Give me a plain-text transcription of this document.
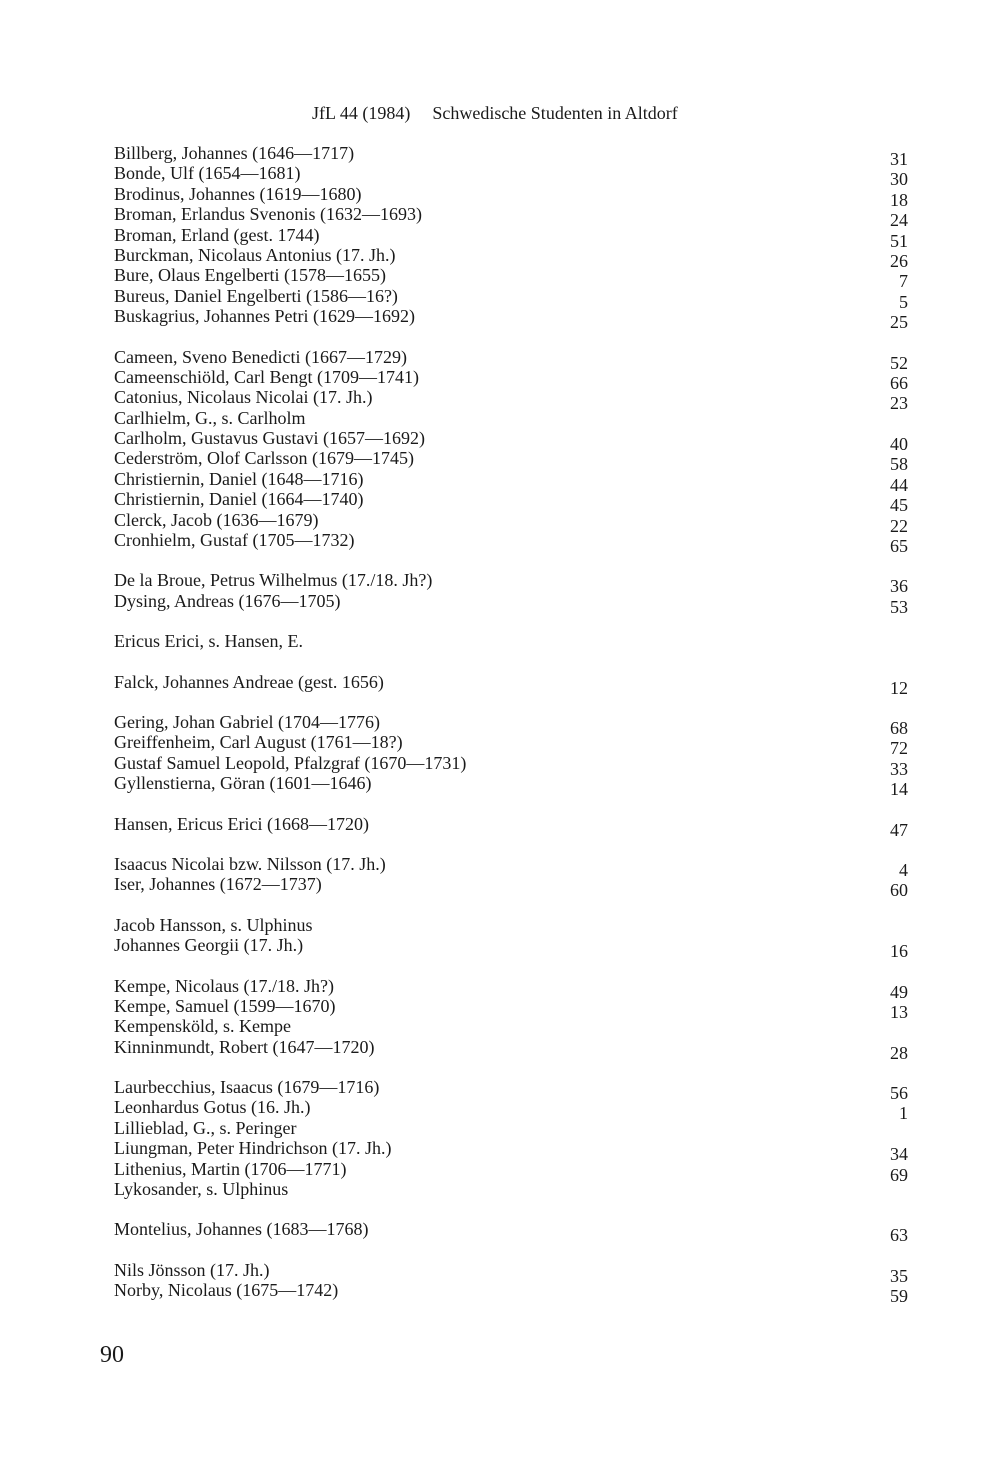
JfL 44 (1984) Schwedische Studenten in Altdorf
Billberg, Johannes (1646—1717)	31
Bonde, Ulf (1654—1681)	30
Brodinus, Johannes (1619—1680)	18
Broman, Erlandus Svenonis (1632—1693)	24
Broman, Erland (gest. 1744)	51
Burckman, Nicolaus Antonius (17. Jh.)	26
Bure, Olaus Engelberti (1578—1655)	7
Bureus, Daniel Engelberti (1586—16?)	5
Buskagrius, Johannes Petri (1629—1692)	25
Cameen, Sveno Benedicti (1667—1729)	52
Cameenschiöld, Carl Bengt (1709—1741)	66
Catonius, Nicolaus Nicolai (17. Jh.)	23
Carlhielm, G., s. Carlholm
Carlholm, Gustavus Gustavi (1657—1692)	40
Cederström, Olof Carlsson (1679—1745)	58
Christiernin, Daniel (1648—1716)	44
Christiernin, Daniel (1664—1740)	45
Clerck, Jacob (1636—1679)	22
Cronhielm, Gustaf (1705—1732)	65
De la Broue, Petrus Wilhelmus (17./18. Jh?)	36
Dysing, Andreas (1676—1705)	53
Ericus Erici, s. Hansen, E.
Falck, Johannes Andreae (gest. 1656)	12
Gering, Johan Gabriel (1704—1776)	68
Greiffenheim, Carl August (1761—18?)	72
Gustaf Samuel Leopold, Pfalzgraf (1670—1731)	33
Gyllenstierna, Göran (1601—1646)	14
Hansen, Ericus Erici (1668—1720)	47
Isaacus Nicolai bzw. Nilsson (17. Jh.)	4
Iser, Johannes (1672—1737)	60
Jacob Hansson, s. Ulphinus
Johannes Georgii (17. Jh.)	16
Kempe, Nicolaus (17./18. Jh?)	49
Kempe, Samuel (1599—1670)	13
Kempensköld, s. Kempe
Kinninmundt, Robert (1647—1720)	28
Laurbecchius, Isaacus (1679—1716)	56
Leonhardus Gotus (16. Jh.)	1
Lillieblad, G., s. Peringer
Liungman, Peter Hindrichson (17. Jh.)	34
Lithenius, Martin (1706—1771)	69
Lykosander, s. Ulphinus
Montelius, Johannes (1683—1768)	63
Nils Jönsson (17. Jh.)	35
Norby, Nicolaus (1675—1742)	59
90
